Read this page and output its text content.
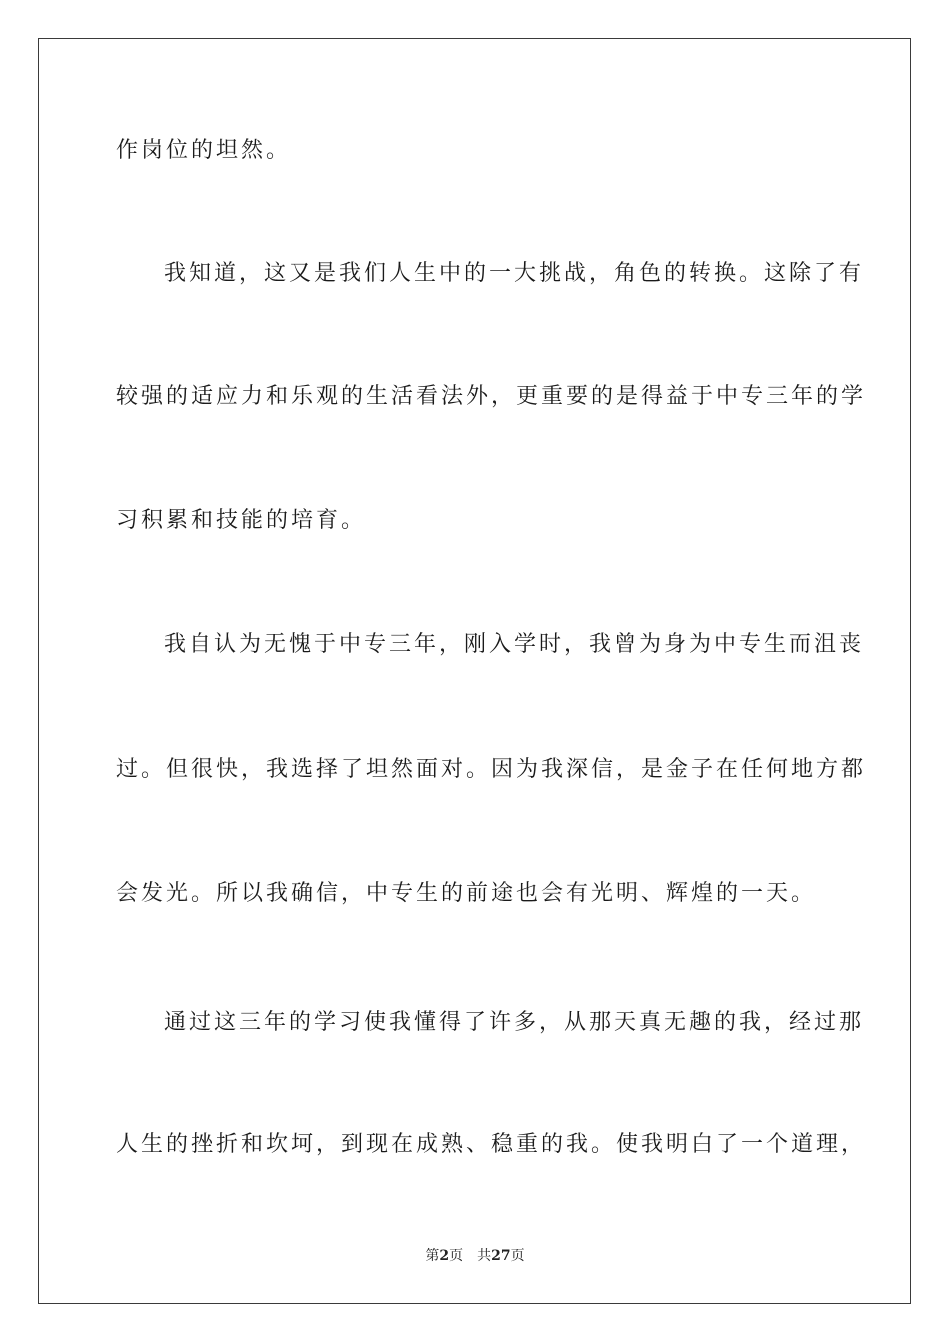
作岗位的坦然。
我知道，这又是我们人生中的一大挑战，角色的转换。这除了有
较强的适应力和乐观的生活看法外，更重要的是得益于中专三年的学
习积累和技能的培育。
我自认为无愧于中专三年，刚入学时，我曾为身为中专生而沮丧
过。但很快，我选择了坦然面对。因为我深信，是金子在任何地方都
会发光。所以我确信，中专生的前途也会有光明、辉煌的一天。
通过这三年的学习使我懂得了许多，从那天真无趣的我，经过那
人生的挫折和坎坷，到现在成熟、稳重的我。使我明白了一个道理，
第2页 共27页
